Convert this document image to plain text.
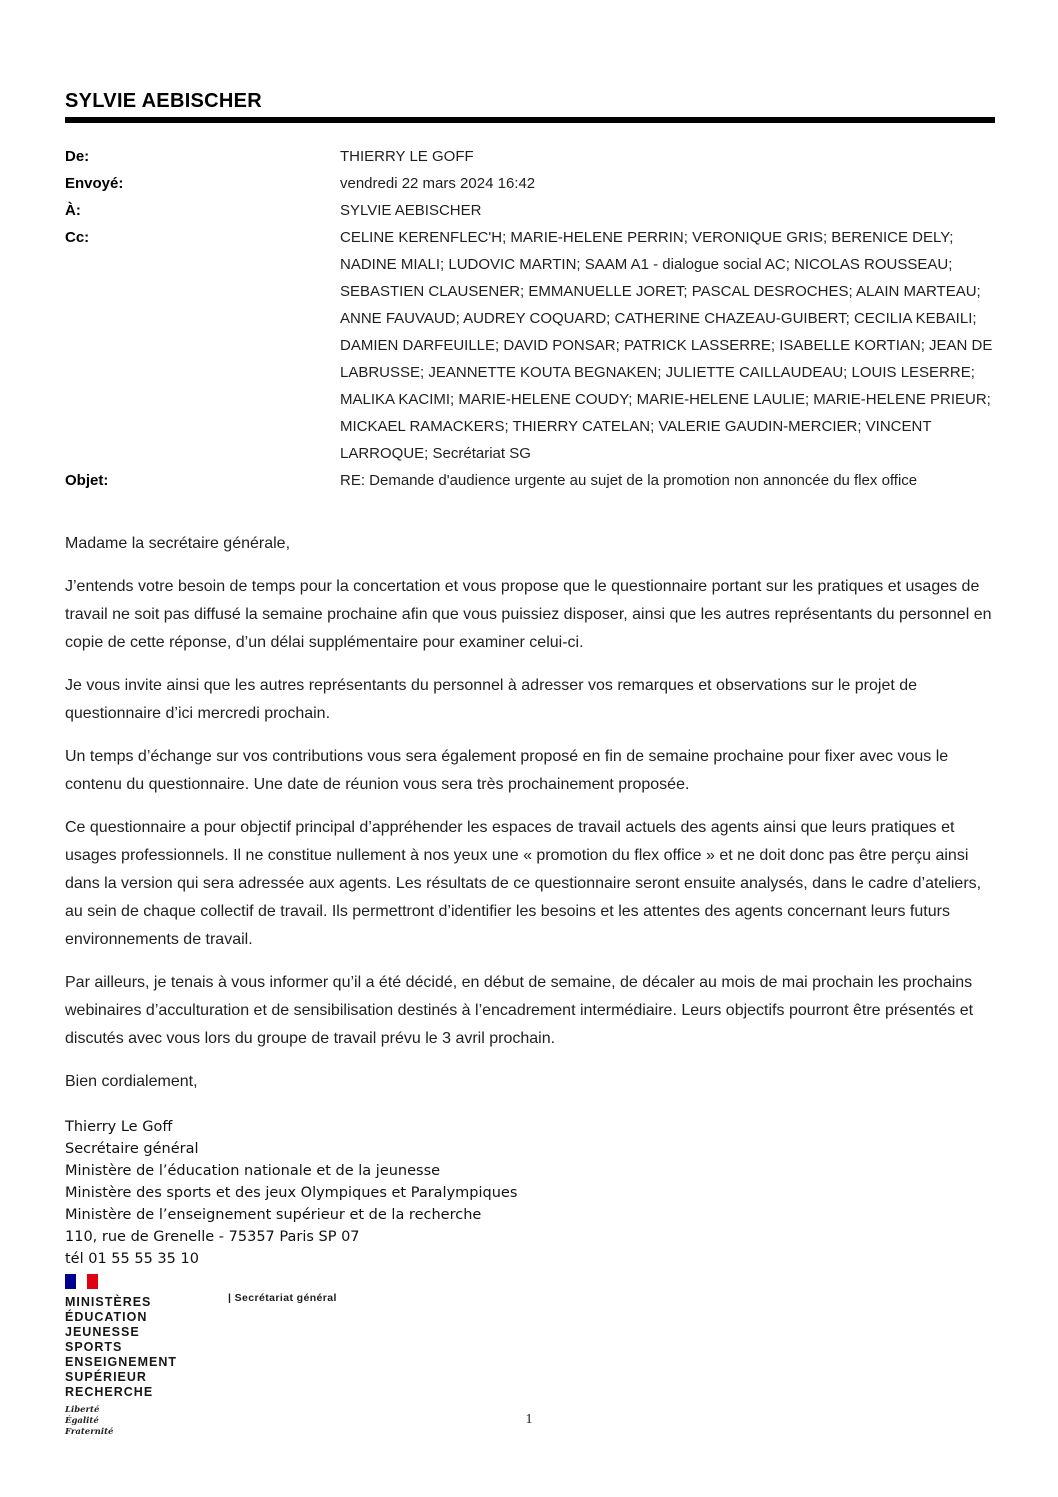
SYLVIE AEBISCHER
De:	THIERRY LE GOFF
Envoyé:	vendredi 22 mars 2024 16:42
À:	SYLVIE AEBISCHER
Cc:	CELINE KERENFLEC'H; MARIE-HELENE PERRIN; VERONIQUE GRIS; BERENICE DELY; NADINE MIALI; LUDOVIC MARTIN; SAAM A1 - dialogue social AC; NICOLAS ROUSSEAU; SEBASTIEN CLAUSENER; EMMANUELLE JORET; PASCAL DESROCHES; ALAIN MARTEAU; ANNE FAUVAUD; AUDREY COQUARD; CATHERINE CHAZEAU-GUIBERT; CECILIA KEBAILI; DAMIEN DARFEUILLE; DAVID PONSAR; PATRICK LASSERRE; ISABELLE KORTIAN; JEAN DE LABRUSSE; JEANNETTE KOUTA BEGNAKEN; JULIETTE CAILLAUDEAU; LOUIS LESERRE; MALIKA KACIMI; MARIE-HELENE COUDY; MARIE-HELENE LAULIE; MARIE-HELENE PRIEUR; MICKAEL RAMACKERS; THIERRY CATELAN; VALERIE GAUDIN-MERCIER; VINCENT LARROQUE; Secrétariat SG
Objet:	RE: Demande d'audience urgente au sujet de la promotion non annoncée du flex office

Madame la secrétaire générale,

J’entends votre besoin de temps pour la concertation et vous propose que le questionnaire portant sur les pratiques et usages de travail ne soit pas diffusé la semaine prochaine afin que vous puissiez disposer, ainsi que les autres représentants du personnel en copie de cette réponse, d’un délai supplémentaire pour examiner celui-ci.

Je vous invite ainsi que les autres représentants du personnel à adresser vos remarques et observations sur le projet de questionnaire d’ici mercredi prochain.

Un temps d’échange sur vos contributions vous sera également proposé en fin de semaine prochaine pour fixer avec vous le contenu du questionnaire. Une date de réunion vous sera très prochainement proposée.

Ce questionnaire a pour objectif principal d’appréhender les espaces de travail actuels des agents ainsi que leurs pratiques et usages professionnels. Il ne constitue nullement à nos yeux une « promotion du flex office » et ne doit donc pas être perçu ainsi dans la version qui sera adressée aux agents. Les résultats de ce questionnaire seront ensuite analysés, dans le cadre d’ateliers, au sein de chaque collectif de travail. Ils permettront d’identifier les besoins et les attentes des agents concernant leurs futurs environnements de travail.

Par ailleurs, je tenais à vous informer qu’il a été décidé, en début de semaine, de décaler au mois de mai prochain les prochains webinaires d’acculturation et de sensibilisation destinés à l’encadrement intermédiaire. Leurs objectifs pourront être présentés et discutés avec vous lors du groupe de travail prévu le 3 avril prochain.

Bien cordialement,

Thierry Le Goff
Secrétaire général
Ministère de l’éducation nationale et de la jeunesse
Ministère des sports et des jeux Olympiques et Paralympiques
Ministère de l’enseignement supérieur et de la recherche
110, rue de Grenelle - 75357 Paris SP 07
tél 01 55 55 35 10
MINISTÈRES
ÉDUCATION
JEUNESSE
SPORTS
ENSEIGNEMENT
SUPÉRIEUR
RECHERCHE
Liberté
Égalité
Fraternité
| Secrétariat général
1
